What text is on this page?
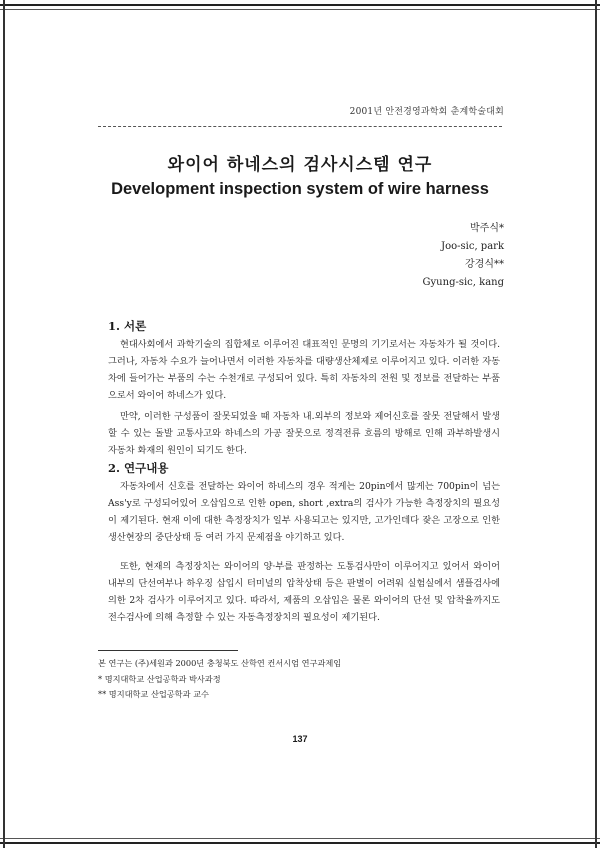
2001년 안전경영과학회 춘계학술대회
와이어 하네스의 검사시스템 연구
Development inspection system of wire harness
박주식*
Joo-sic, park
강경식**
Gyung-sic, kang
1. 서론

현대사회에서 과학기술의 집합체로 이루어진 대표적인 문명의 기기로서는 자동차가 될 것이다. 그러나, 자동차 수요가 늘어나면서 이러한 자동차를 대량생산체제로 이루어지고 있다. 이러한 자동차에 들어가는 부품의 수는 수천개로 구성되어 있다. 특히 자동차의 전원 및 정보를 전달하는 부품으로서 와이어 하네스가 있다.

만약, 이러한 구성품이 잘못되었을 때 자동차 내.외부의 정보와 제어신호를 잘못 전달해서 발생할 수 있는 돌발 교통사고와 하네스의 가공 잘못으로 정격전류 흐름의 방해로 인해 과부하발생시 자동차 화재의 원인이 되기도 한다.

2. 연구내용

자동차에서 신호를 전달하는 와이어 하네스의 경우 적게는 20pin에서 많게는 700pin이 넘는 Ass'y로 구성되어있어 오삽입으로 인한 open, short ,extra의 검사가 가능한 측정장치의 필요성이 제기된다. 현재 이에 대한 측정장치가 일부 사용되고는 있지만, 고가인데다 잦은 고장으로 인한 생산현장의 중단상태 등 여러 가지 문제점을 야기하고 있다.

또한, 현재의 측정장치는 와이어의 양·부를 판정하는 도통검사만이 이루어지고 있어서 와이어 내부의 단선여부나 하우징 삽입시 터미널의 압착상태 등은 판별이 어려워 실험실에서 샘플검사에의한 2차 검사가 이루어지고 있다. 따라서, 제품의 오삽입은 물론 와이어의 단선 및 압착율까지도 전수검사에 의해 측정할 수 있는 자동측정장치의 필요성이 제기된다.

본 연구는 (주)세원과 2000년 충청북도 산학연 컨서시엄 연구과제임
* 명지대학교 산업공학과 박사과정
** 명지대학교 산업공학과 교수
137
